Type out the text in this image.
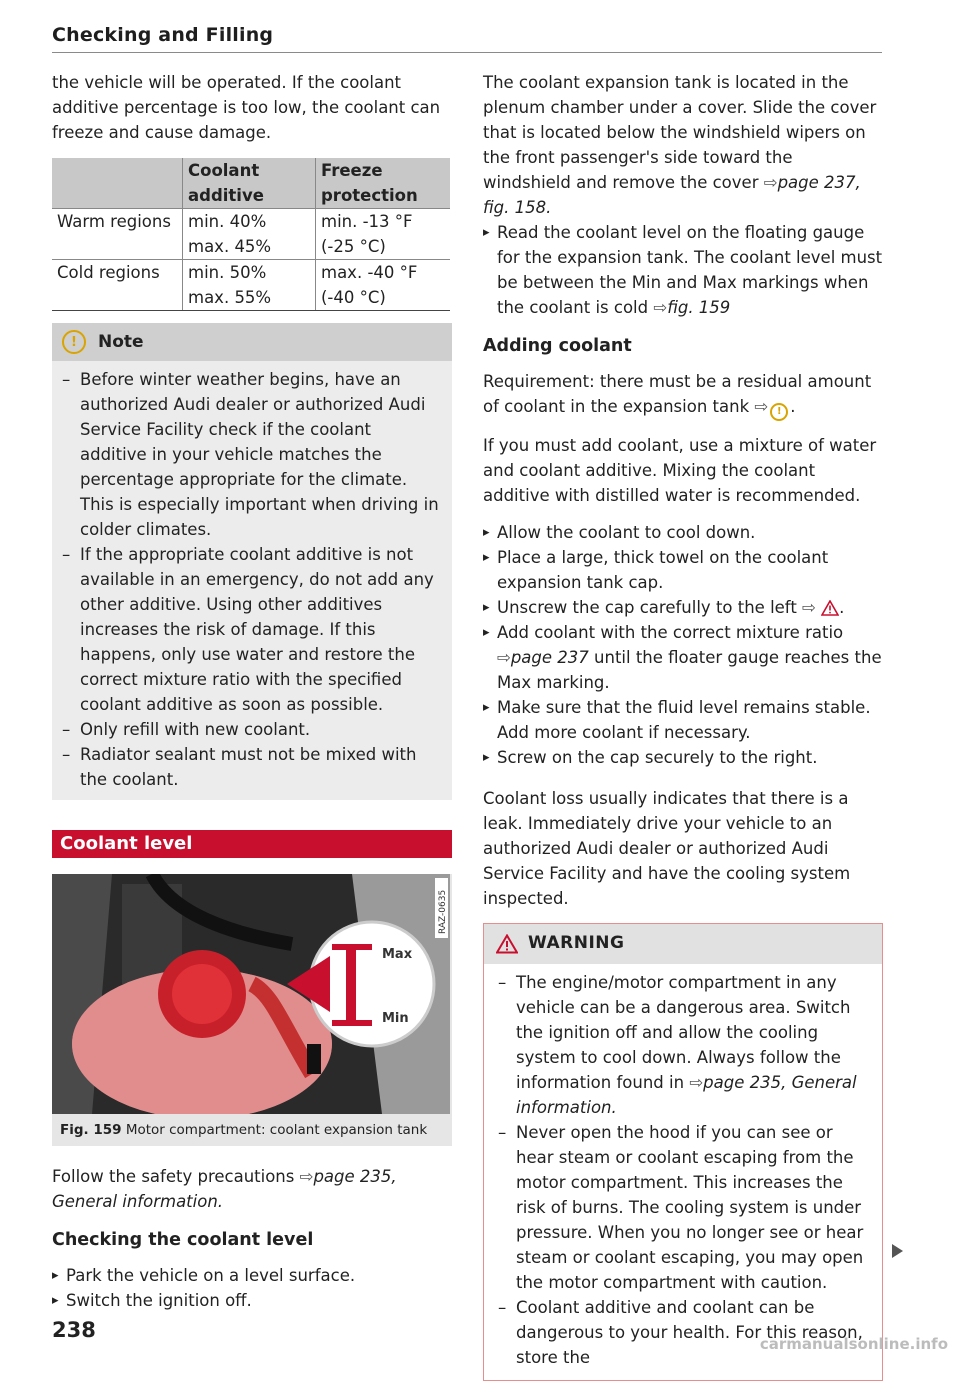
Checking and Filling

the vehicle will be operated. If the coolant additive percentage is too low, the coolant can freeze and cause damage.

	Coolant additive	Freeze protection
Warm regions	min. 40% max. 45%	min. -13 °F (-25 °C)
Cold regions	min. 50% max. 55%	max. -40 °F (-40 °C)
!	Note
– Before winter weather begins, have an authorized Audi dealer or authorized Audi Service Facility check if the coolant additive in your vehicle matches the percentage appropriate for the climate. This is especially important when driving in colder climates.
– If the appropriate coolant additive is not available in an emergency, do not add any other additive. Using other additives increases the risk of damage. If this happens, only use water and restore the correct mixture ratio with the specified coolant additive as soon as possible.
– Only refill with new coolant.
– Radiator sealant must not be mixed with the coolant.
Coolant level
Max
Min
RAZ-0635
Fig. 159 Motor compartment: coolant expansion tank

Follow the safety precautions ⇨page 235, General information.

Checking the coolant level
▸ Park the vehicle on a level surface.
▸ Switch the ignition off.

The coolant expansion tank is located in the plenum chamber under a cover. Slide the cover that is located below the windshield wipers on the front passenger's side toward the windshield and remove the cover ⇨page 237, fig. 158.

▸ Read the coolant level on the floating gauge for the expansion tank. The coolant level must be between the Min and Max markings when the coolant is cold ⇨fig. 159
Adding coolant

Requirement: there must be a residual amount of coolant in the expansion tank ⇨ ! .

If you must add coolant, use a mixture of water and coolant additive. Mixing the coolant additive with distilled water is recommended.

▸ Allow the coolant to cool down.
▸ Place a large, thick towel on the coolant expansion tank cap.
▸ Unscrew the cap carefully to the left ⇨ .
▸ Add coolant with the correct mixture ratio ⇨page 237 until the floater gauge reaches the Max marking.
▸ Make sure that the fluid level remains stable. Add more coolant if necessary.
▸ Screw on the cap securely to the right.

Coolant loss usually indicates that there is a leak. Immediately drive your vehicle to an authorized Audi dealer or authorized Audi Service Facility and have the cooling system inspected.

WARNING
– The engine/motor compartment in any vehicle can be a dangerous area. Switch the ignition off and allow the cooling system to cool down. Always follow the information found in ⇨page 235, General information.
– Never open the hood if you can see or hear steam or coolant escaping from the motor compartment. This increases the risk of burns. The cooling system is under pressure. When you no longer see or hear steam or coolant escaping, you may open the motor compartment with caution.
– Coolant additive and coolant can be dangerous to your health. For this reason, store the
238
carmanualsonline.info
